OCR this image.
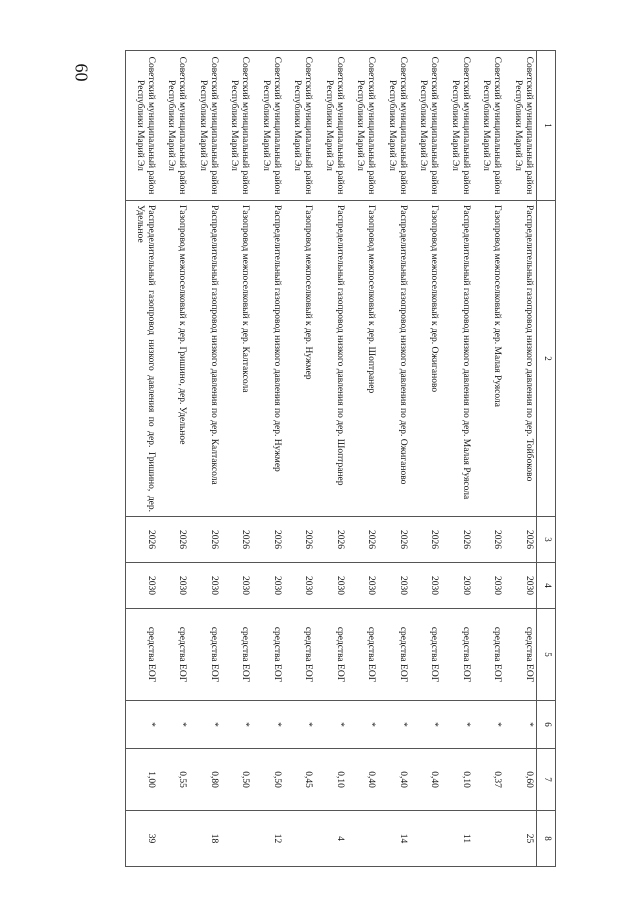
60
1	2	3	4	5	6	7	8
Советский муниципальный район Республики Марий Эл	Распределительный газопровод низкого давления по дер. Тойбоково	2026	2030	средства ЕОГ	*	0,60	25
Советский муниципальный район Республики Марий Эл	Газопровод межпоселковый к дер. Малая Руясола	2026	2030	средства ЕОГ	*	0,37	
Советский муниципальный район Республики Марий Эл	Распределительный газопровод низкого давления по дер. Малая Руясола	2026	2030	средства ЕОГ	*	0,10	11
Советский муниципальный район Республики Марий Эл	Газопровод межпоселковый к дер. Ожиганово	2026	2030	средства ЕОГ	*	0,40	
Советский муниципальный район Республики Марий Эл	Распределительный газопровод низкого давления по дер. Ожиганово	2026	2030	средства ЕОГ	*	0,40	14
Советский муниципальный район Республики Марий Эл	Газопровод межпоселковый к дер. Шоптранер	2026	2030	средства ЕОГ	*	0,40	
Советский муниципальный район Республики Марий Эл	Распределительный газопровод низкого давления по дер. Шоптранер	2026	2030	средства ЕОГ	*	0,10	4
Советский муниципальный район Республики Марий Эл	Газопровод межпоселковый к дер. Нужмер	2026	2030	средства ЕОГ	*	0,45	
Советский муниципальный район Республики Марий Эл	Распределительный газопровод низкого давления по дер. Нужмер	2026	2030	средства ЕОГ	*	0,50	12
Советский муниципальный район Республики Марий Эл	Газопровод межпоселковый к дер. Калтаксола	2026	2030	средства ЕОГ	*	0,50	
Советский муниципальный район Республики Марий Эл	Распределительный газопровод низкого давления по дер. Калтаксола	2026	2030	средства ЕОГ	*	0,80	18
Советский муниципальный район Республики Марий Эл	Газопровод межпоселковый к дер. Гришино, дер. Удельное	2026	2030	средства ЕОГ	*	0,55	
Советский муниципальный район Республики Марий Эл	Распределительный газопровод низкого давления по дер. Гришино, дер. Удельное	2026	2030	средства ЕОГ	*	1,00	39
